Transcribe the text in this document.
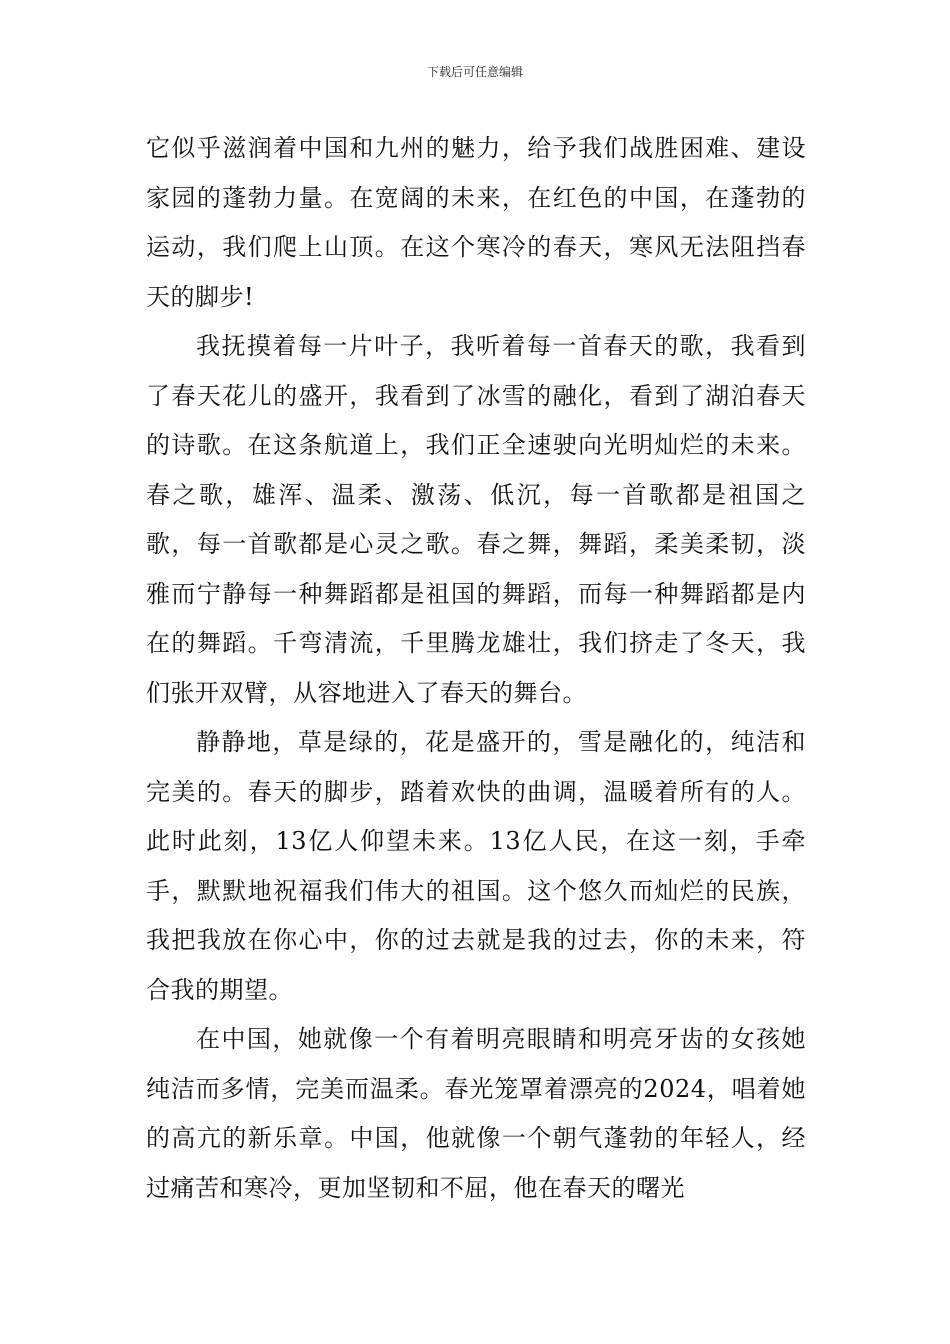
下载后可任意编辑

它似乎滋润着中国和九州的魅力，给予我们战胜困难、建设家园的蓬勃力量。在宽阔的未来，在红色的中国，在蓬勃的运动，我们爬上山顶。在这个寒冷的春天，寒风无法阻挡春天的脚步!

我抚摸着每一片叶子，我听着每一首春天的歌，我看到了春天花儿的盛开，我看到了冰雪的融化，看到了湖泊春天的诗歌。在这条航道上，我们正全速驶向光明灿烂的未来。春之歌，雄浑、温柔、激荡、低沉，每一首歌都是祖国之歌，每一首歌都是心灵之歌。春之舞，舞蹈，柔美柔韧，淡雅而宁静每一种舞蹈都是祖国的舞蹈，而每一种舞蹈都是内在的舞蹈。千弯清流，千里腾龙雄壮，我们挤走了冬天，我们张开双臂，从容地进入了春天的舞台。

静静地，草是绿的，花是盛开的，雪是融化的，纯洁和完美的。春天的脚步，踏着欢快的曲调，温暖着所有的人。此时此刻，13亿人仰望未来。13亿人民，在这一刻，手牵手，默默地祝福我们伟大的祖国。这个悠久而灿烂的民族，我把我放在你心中，你的过去就是我的过去，你的未来，符合我的期望。

在中国，她就像一个有着明亮眼睛和明亮牙齿的女孩她纯洁而多情，完美而温柔。春光笼罩着漂亮的2024，唱着她的高亢的新乐章。中国，他就像一个朝气蓬勃的年轻人，经过痛苦和寒冷，更加坚韧和不屈，他在春天的曙光
